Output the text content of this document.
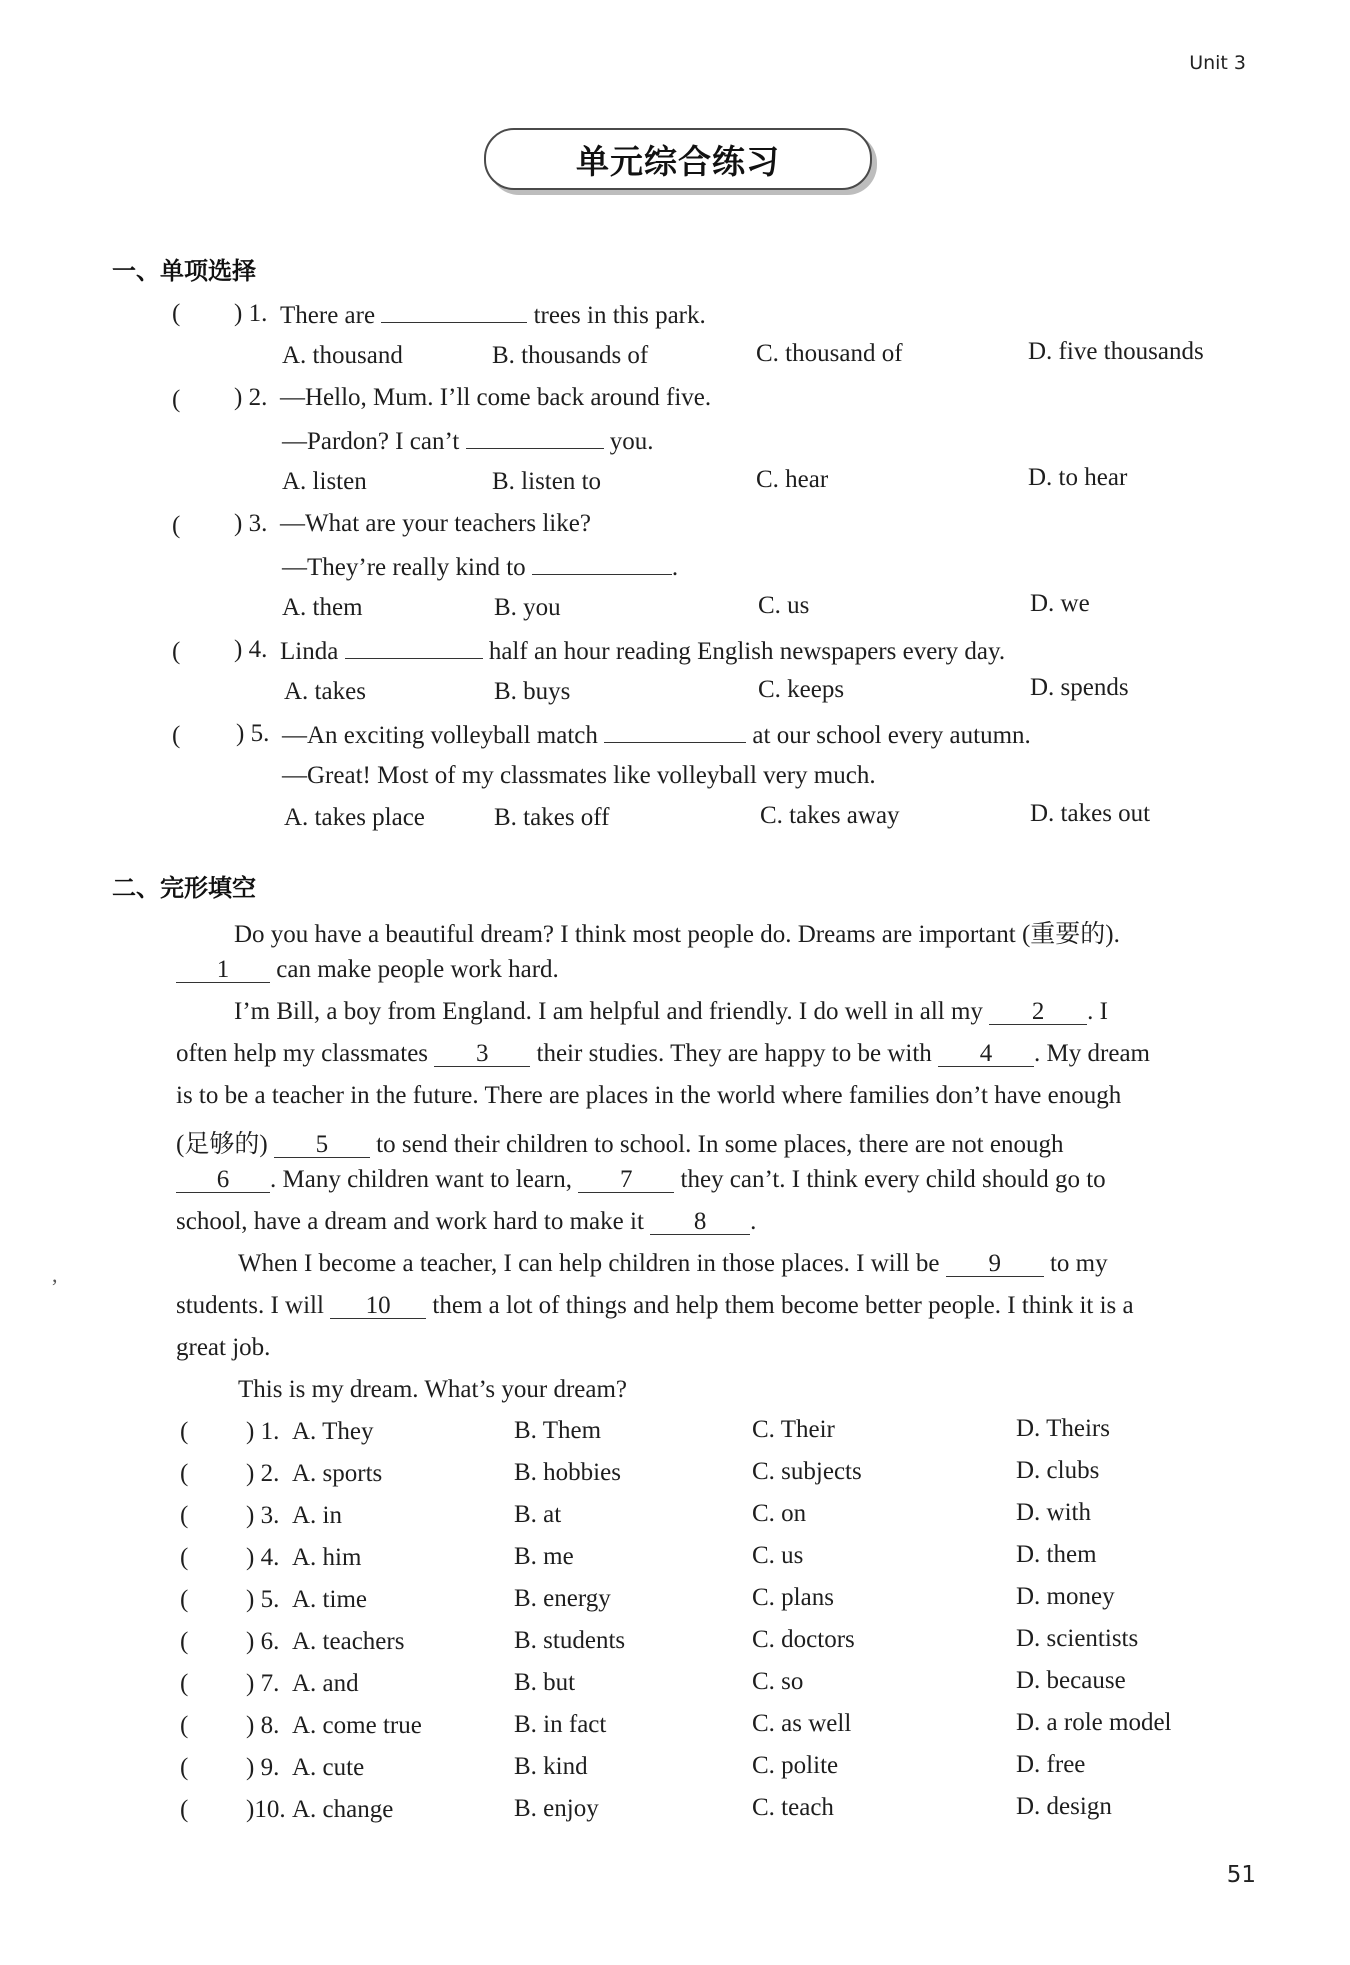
Unit 3
单元综合练习
一、单项选择
( ) 1. There are	trees in this park.
A. thousand	B. thousands of	C. thousand of	D. five thousands
( ) 2. —Hello, Mum. I’ll come back around five.
—Pardon? I can’t	you.
A. listen	B. listen to	C. hear	D. to hear
( ) 3. —What are your teachers like?
—They’re really kind to	.
A. them	B. you	C. us	D. we
( ) 4. Linda	half an hour reading English newspapers every day.
A. takes	B. buys	C. keeps	D. spends
( ) 5. —An exciting volleyball match	at our school every autumn.
—Great! Most of my classmates like volleyball very much.
A. takes place	B. takes off	C. takes away	D. takes out
二、完形填空
Do you have a beautiful dream? I think most people do. Dreams are important (重要的).
1 can make people work hard.
I’m Bill, a boy from England. I am helpful and friendly. I do well in all my 2 . I
often help my classmates 3 their studies. They are happy to be with 4 . My dream
is to be a teacher in the future. There are places in the world where families don’t have enough
(足够的) 5 to send their children to school. In some places, there are not enough
6 . Many children want to learn, 7 they can’t. I think every child should go to
school, have a dream and work hard to make it 8 .
When I become a teacher, I can help children in those places. I will be 9 to my
students. I will 10 them a lot of things and help them become better people. I think it is a
great job.
This is my dream. What’s your dream?
,
( ) 1. A. They	B. Them	C. Their	D. Theirs
( ) 2. A. sports	B. hobbies	C. subjects	D. clubs
( ) 3. A. in	B. at	C. on	D. with
( ) 4. A. him	B. me	C. us	D. them
( ) 5. A. time	B. energy	C. plans	D. money
( ) 6. A. teachers	B. students	C. doctors	D. scientists
( ) 7. A. and	B. but	C. so	D. because
( ) 8. A. come true	B. in fact	C. as well	D. a role model
( ) 9. A. cute	B. kind	C. polite	D. free
( )10. A. change	B. enjoy	C. teach	D. design
51
